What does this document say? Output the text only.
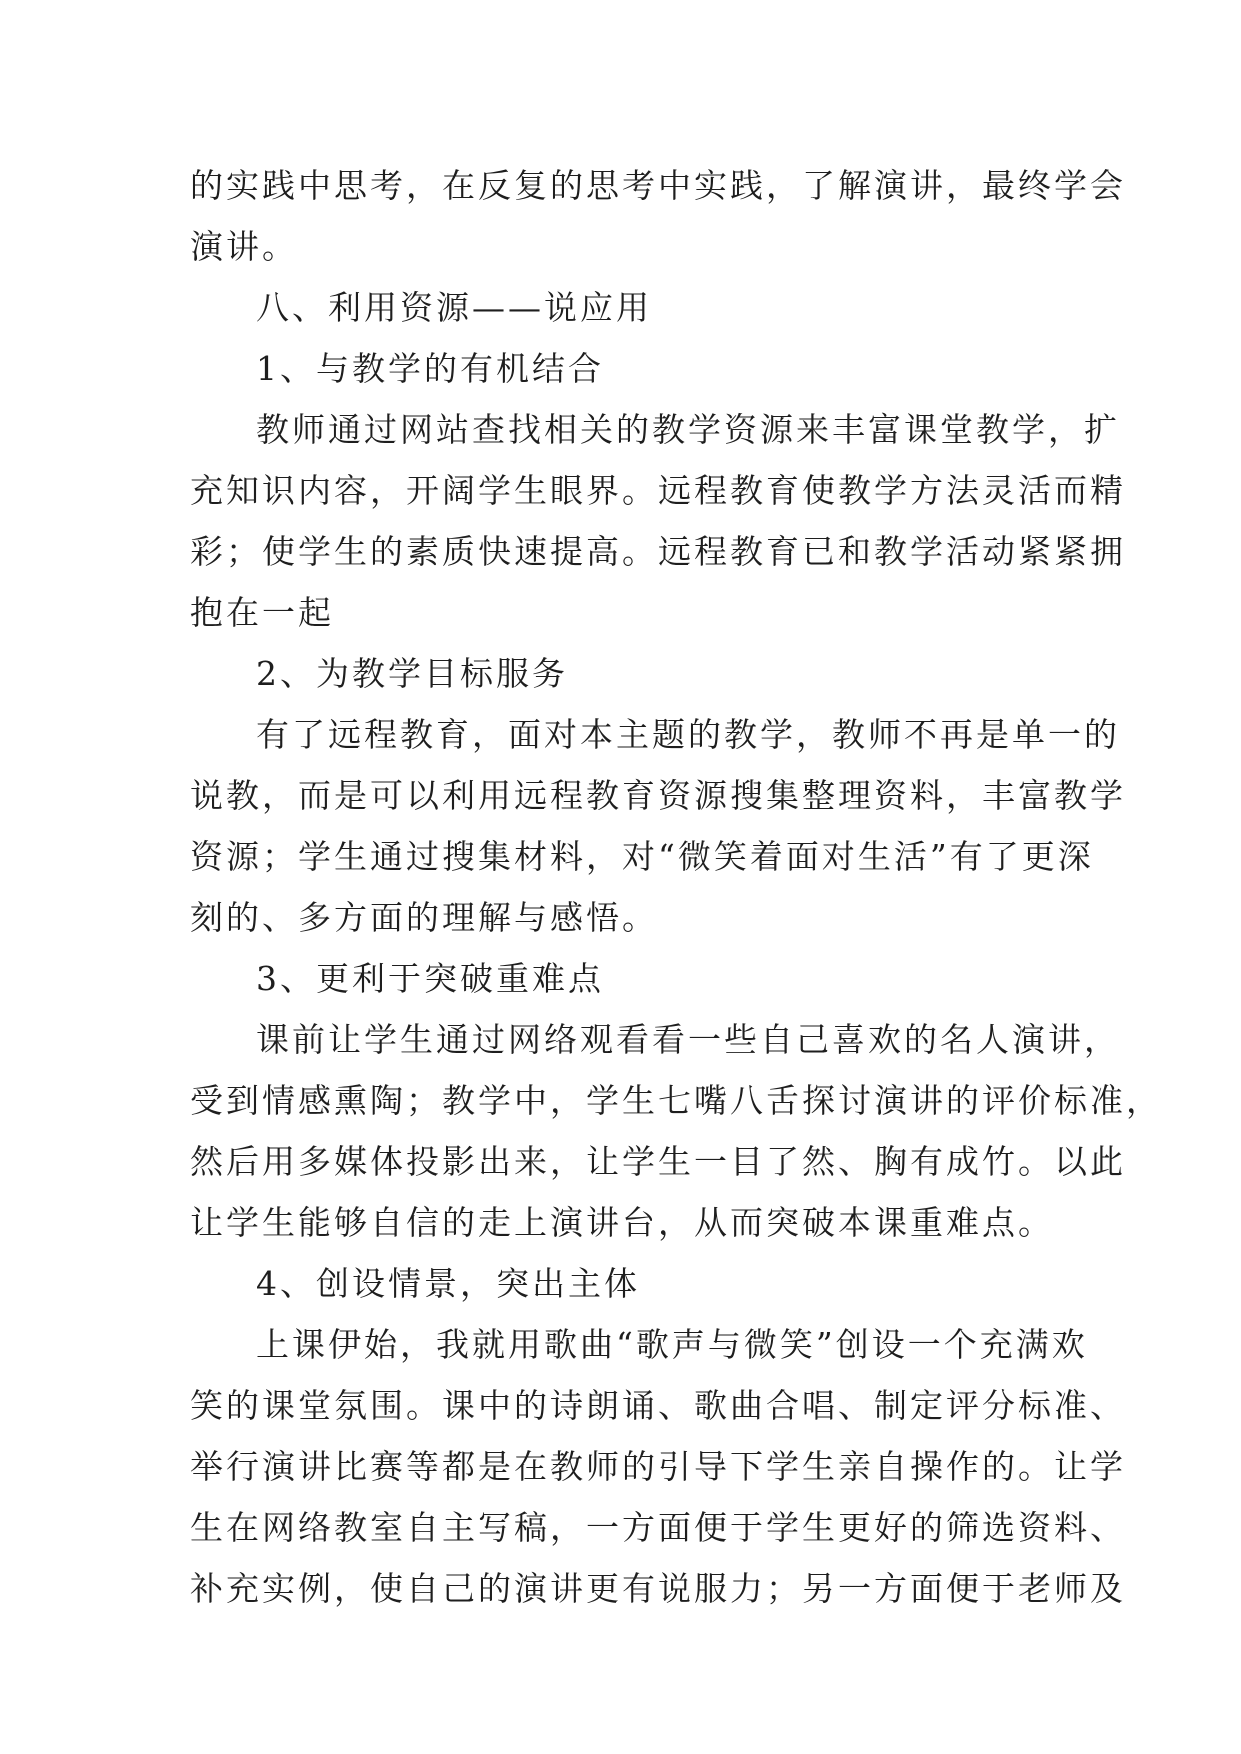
的实践中思考，在反复的思考中实践，了解演讲，最终学会
演讲。
八、利用资源——说应用
1、与教学的有机结合
教师通过网站查找相关的教学资源来丰富课堂教学，扩
充知识内容，开阔学生眼界。远程教育使教学方法灵活而精
彩；使学生的素质快速提高。远程教育已和教学活动紧紧拥
抱在一起
2、为教学目标服务
有了远程教育，面对本主题的教学，教师不再是单一的
说教，而是可以利用远程教育资源搜集整理资料，丰富教学
资源；学生通过搜集材料，对“微笑着面对生活”有了更深
刻的、多方面的理解与感悟。
3、更利于突破重难点
课前让学生通过网络观看看一些自己喜欢的名人演讲，
受到情感熏陶；教学中，学生七嘴八舌探讨演讲的评价标准，
然后用多媒体投影出来，让学生一目了然、胸有成竹。以此
让学生能够自信的走上演讲台，从而突破本课重难点。
4、创设情景，突出主体
上课伊始，我就用歌曲“歌声与微笑”创设一个充满欢
笑的课堂氛围。课中的诗朗诵、歌曲合唱、制定评分标准、
举行演讲比赛等都是在教师的引导下学生亲自操作的。让学
生在网络教室自主写稿，一方面便于学生更好的筛选资料、
补充实例，使自己的演讲更有说服力；另一方面便于老师及
